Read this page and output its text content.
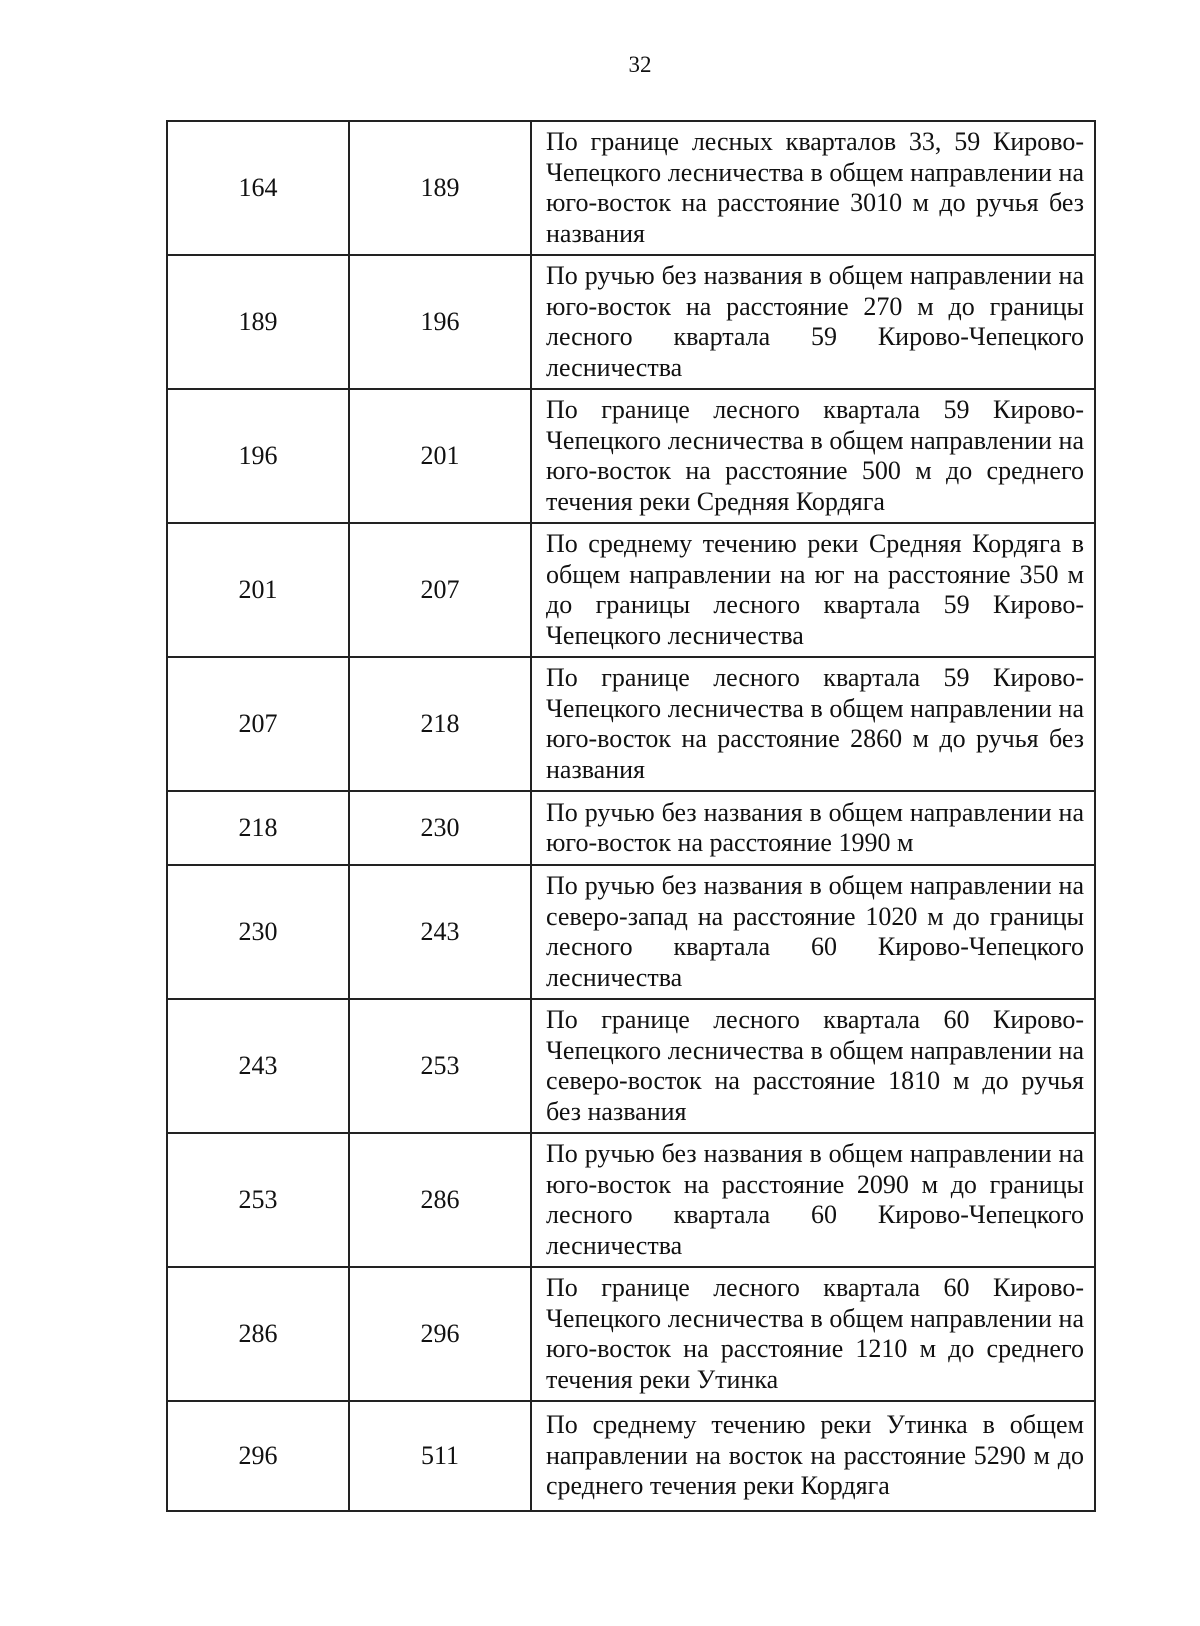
32
164	189	По границе лесных кварталов 33, 59 Кирово-Чепецкого лесничества в общем направлении на юго-восток на расстояние 3010 м до ручья без названия
189	196	По ручью без названия в общем направлении на юго-восток на расстояние 270 м до границы лесного квартала 59 Кирово-Чепецкого лесничества
196	201	По границе лесного квартала 59 Кирово-Чепецкого лесничества в общем направлении на юго-восток на расстояние 500 м до среднего течения реки Средняя Кордяга
201	207	По среднему течению реки Средняя Кордяга в общем направлении на юг на расстояние 350 м до границы лесного квартала 59 Кирово-Чепецкого лесничества
207	218	По границе лесного квартала 59 Кирово-Чепецкого лесничества в общем направлении на юго-восток на расстояние 2860 м до ручья без названия
218	230	По ручью без названия в общем направлении на юго-восток на расстояние 1990 м
230	243	По ручью без названия в общем направлении на северо-запад на расстояние 1020 м до границы лесного квартала 60 Кирово-Чепецкого лесничества
243	253	По границе лесного квартала 60 Кирово-Чепецкого лесничества в общем направлении на северо-восток на расстояние 1810 м до ручья без названия
253	286	По ручью без названия в общем направлении на юго-восток на расстояние 2090 м до границы лесного квартала 60 Кирово-Чепецкого лесничества
286	296	По границе лесного квартала 60 Кирово-Чепецкого лесничества в общем направлении на юго-восток на расстояние 1210 м до среднего течения реки Утинка
296	511	По среднему течению реки Утинка в общем направлении на восток на расстояние 5290 м до среднего течения реки Кордяга
